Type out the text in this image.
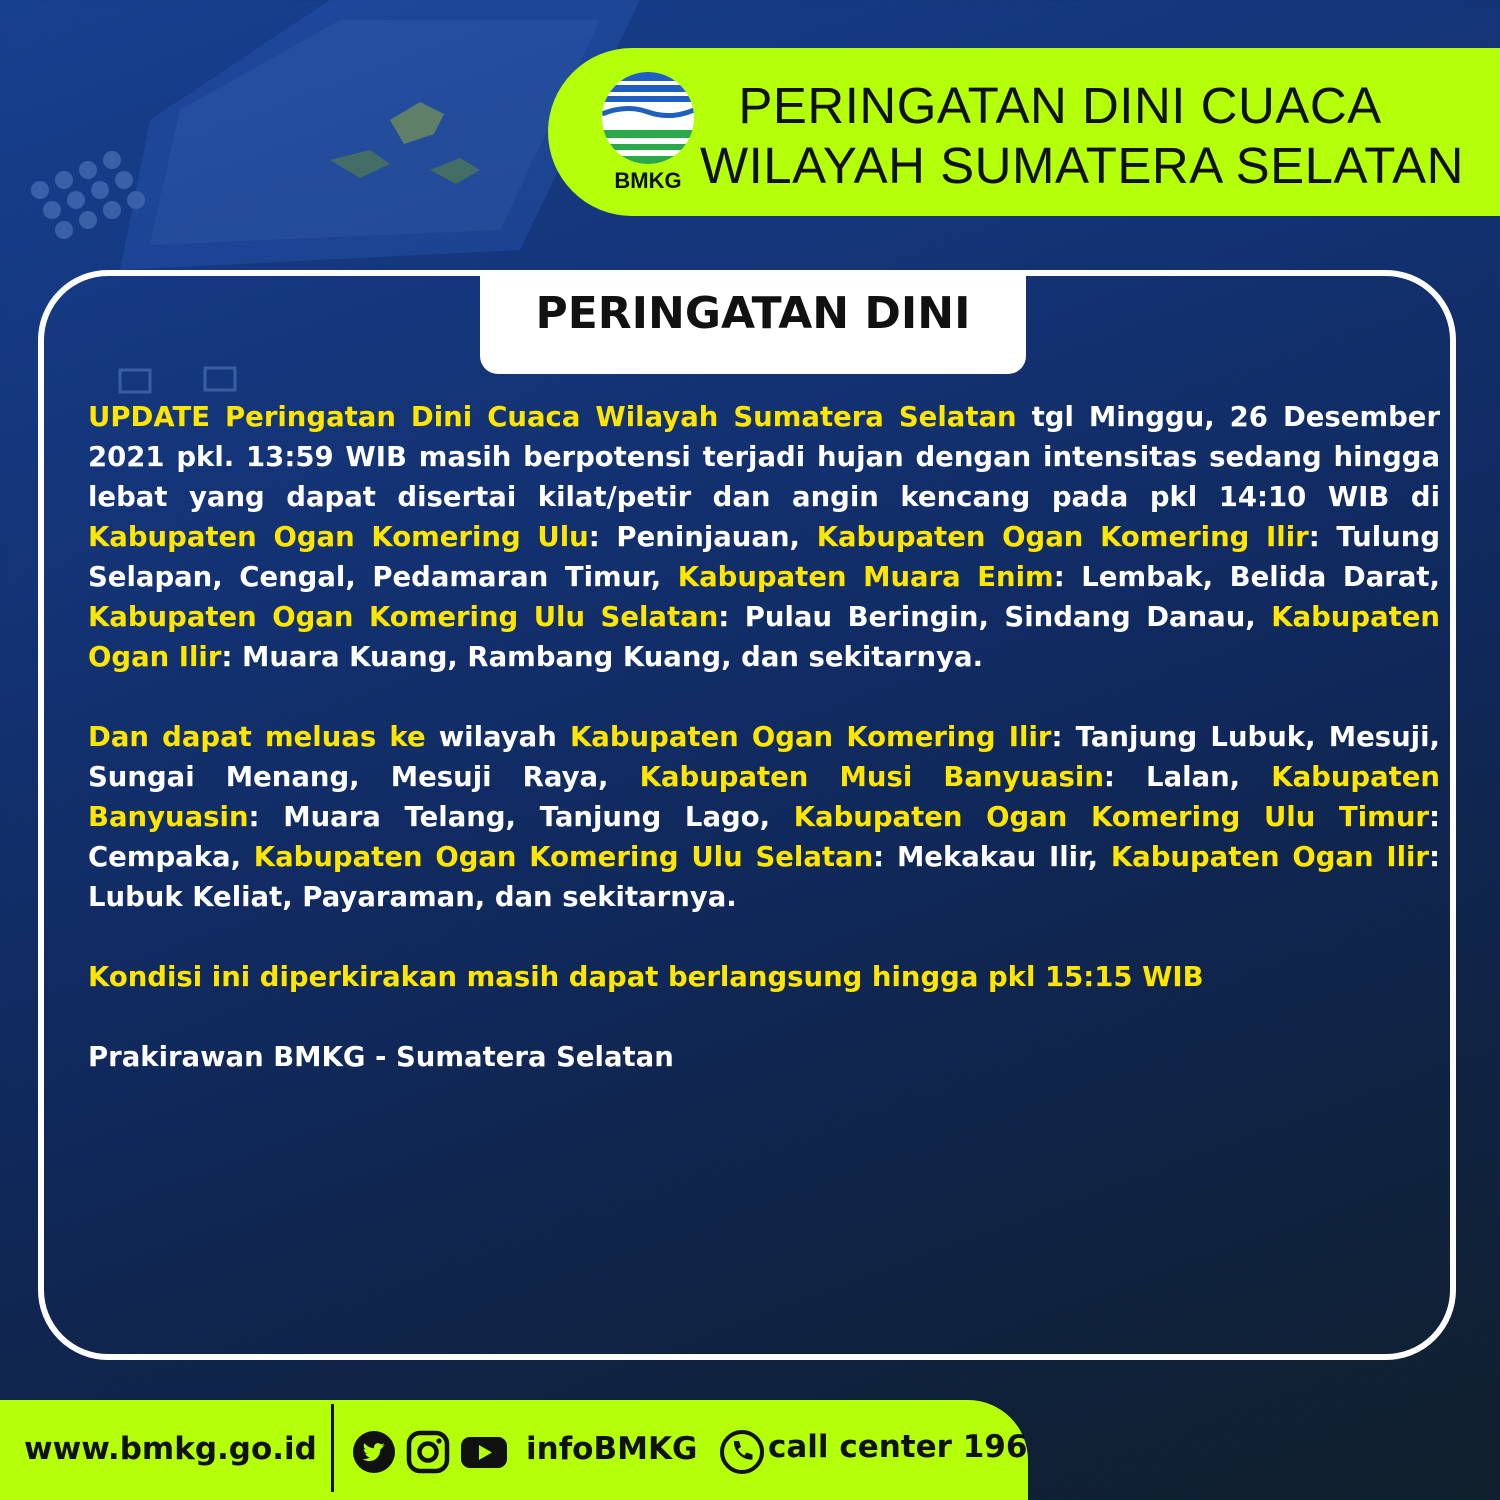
BMKG
PERINGATAN DINI CUACA
WILAYAH SUMATERA SELATAN
PERINGATAN DINI

UPDATE Peringatan Dini Cuaca Wilayah Sumatera Selatan tgl Minggu, 26 Desember 2021 pkl. 13:59 WIB masih berpotensi terjadi hujan dengan intensitas sedang hingga lebat yang dapat disertai kilat/petir dan angin kencang pada pkl 14:10 WIB di Kabupaten Ogan Komering Ulu: Peninjauan, Kabupaten Ogan Komering Ilir: Tulung Selapan, Cengal, Pedamaran Timur, Kabupaten Muara Enim: Lembak, Belida Darat, Kabupaten Ogan Komering Ulu Selatan: Pulau Beringin, Sindang Danau, Kabupaten Ogan Ilir: Muara Kuang, Rambang Kuang, dan sekitarnya.

Dan dapat meluas ke wilayah Kabupaten Ogan Komering Ilir: Tanjung Lubuk, Mesuji, Sungai Menang, Mesuji Raya, Kabupaten Musi Banyuasin: Lalan, Kabupaten Banyuasin: Muara Telang, Tanjung Lago, Kabupaten Ogan Komering Ulu Timur: Cempaka, Kabupaten Ogan Komering Ulu Selatan: Mekakau Ilir, Kabupaten Ogan Ilir: Lubuk Keliat, Payaraman, dan sekitarnya.

Kondisi ini diperkirakan masih dapat berlangsung hingga pkl 15:15 WIB

Prakirawan BMKG - Sumatera Selatan

www.bmkg.go.id	infoBMKG call center 196
